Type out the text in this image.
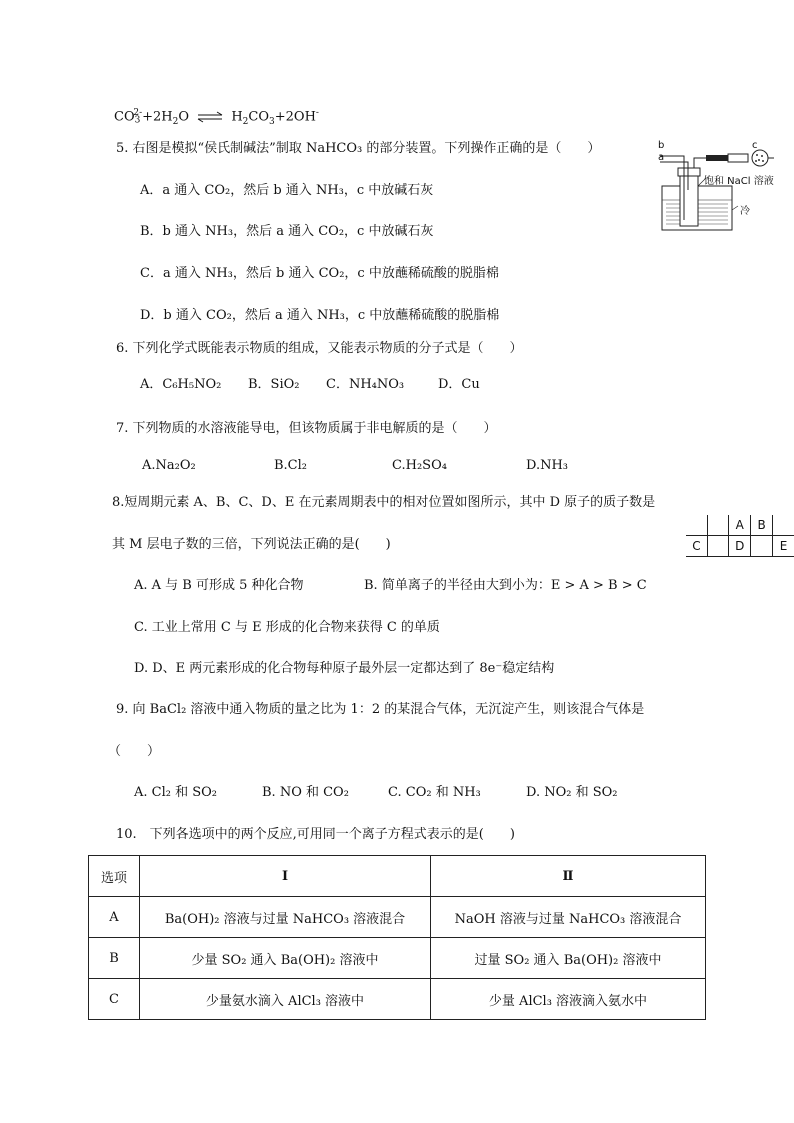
$CO_3^{2-}+2H_2O$ ⇌ $H_2CO_3+2OH^-$
5. 右图是模拟“侯氏制碱法”制取 NaHCO₃ 的部分装置。下列操作正确的是（　　）
A．a 通入 CO₂，然后 b 通入 NH₃，c 中放碱石灰
B．b 通入 NH₃，然后 a 通入 CO₂，c 中放碱石灰
C．a 通入 NH₃，然后 b 通入 CO₂，c 中放蘸稀硫酸的脱脂棉
D．b 通入 CO₂，然后 a 通入 NH₃，c 中放蘸稀硫酸的脱脂棉
b
a
c
饱和 NaCl 溶液
冷
6. 下列化学式既能表示物质的组成，又能表示物质的分子式是（　　）
A．C₆H₅NO₂ B．SiO₂ C．NH₄NO₃	D．Cu
7. 下列物质的水溶液能导电，但该物质属于非电解质的是（　　）
A.Na₂O₂	B.Cl₂	C.H₂SO₄	D.NH₃
8.短周期元素 A、B、C、D、E 在元素周期表中的相对位置如图所示，其中 D 原子的质子数是
其 M 层电子数的三倍，下列说法正确的是(　　)
		A	B	
C		D		E
A. A 与 B 可形成 5 种化合物	B. 简单离子的半径由大到小为：E > A > B > C
C. 工业上常用 C 与 E 形成的化合物来获得 C 的单质
D. D、E 两元素形成的化合物每种原子最外层一定都达到了 8e⁻稳定结构
9. 向 BaCl₂ 溶液中通入物质的量之比为 1：2 的某混合气体，无沉淀产生，则该混合气体是
（　　）
A. Cl₂ 和 SO₂	B. NO 和 CO₂	C. CO₂ 和 NH₃	D. NO₂ 和 SO₂
10.　下列各选项中的两个反应,可用同一个离子方程式表示的是(　　)
选项	Ⅰ	Ⅱ
A	Ba(OH)₂ 溶液与过量 NaHCO₃ 溶液混合	NaOH 溶液与过量 NaHCO₃ 溶液混合
B	少量 SO₂ 通入 Ba(OH)₂ 溶液中	过量 SO₂ 通入 Ba(OH)₂ 溶液中
C	少量氨水滴入 AlCl₃ 溶液中	少量 AlCl₃ 溶液滴入氨水中
